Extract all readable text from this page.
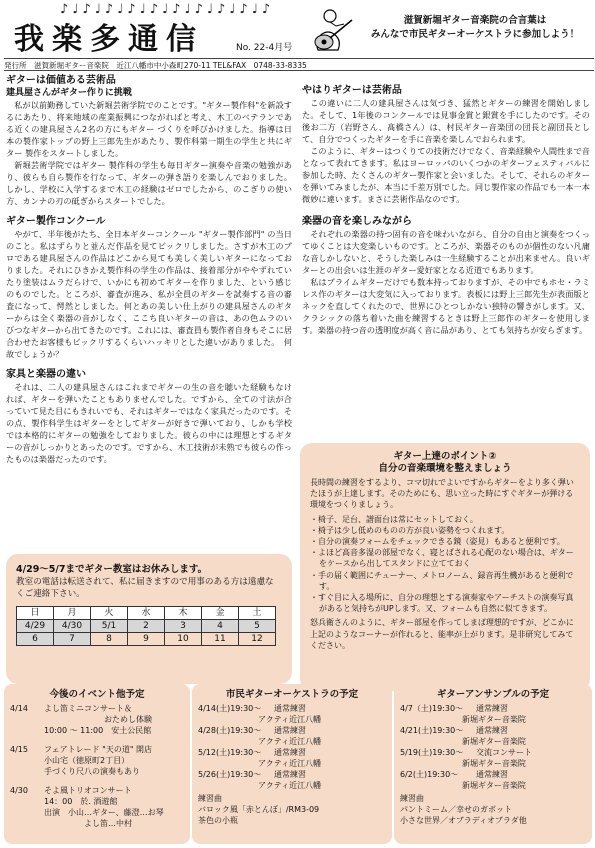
♪♩♪♩♪♩♪♩♪♩♪♩♪♩♪♩♪♩♪
我楽多通信	No. 22-4月号
滋賀新堀ギター音楽院の合言葉は
みんなで市民ギターオーケストラに参加しよう！
発行所　滋賀新堀ギター音楽院　近江八幡市中小森町270-11 TEL&FAX　0748-33-8335
ギターは価値ある芸術品
建具屋さんがギター作りに挑戦

私が以前勤務していた新堀芸術学院でのことです。"ギター製作科"を新設するにあたり、将来地域の産業振興につながればと考え、木工のベテランである近くの建具屋さん2名の方にもギター づくりを呼びかけました。指導は日本の製作家トップの野上三郎先生があたり、製作科第一期生の学生と共にギター 製作をスタートしました。

新堀芸術学院ではギター 製作科の学生も毎日ギター演奏や音楽の勉強があり、彼らも自ら製作を行なって、ギターの弾き語りを楽しんでおりました。しかし、学校に入学するまで木工の経験はゼロでしたから、のこぎりの使い方、カンナの刃の砥ぎからスタートでした。

ギター製作コンクール

やがて、半年後がたち、全日本ギターコンクール "ギター製作部門" の当日のこと。私はずらりと並んだ作品を見てビックリしました。さすが木工のプロである建具屋さんの作品はどこから見ても美しく美しいギターになっておりました。それにひきかえ製作科の学生の作品は、接着部分がややずれていたり塗装はムラだらけで、いかにも初めてギターを作りました、という感じのものでした。ところが、審査が進み、私が全員のギターを試奏する音の審査になって、愕然としました。何とあの美しい仕上がりの建具屋さんのギターからは全く楽器の音がしなく、ここち良いギターの音は、あの色ムラのいびつなギターから出てきたのです。これには、審査員も製作者自身もそこに居合わせたお客様もビックリするくらいハッキリとした違いがありました。　何故でしょうか？

家具と楽器の違い

それは、二人の建具屋さんはこれまでギターの生の音を聴いた経験もなければ、ギターを弾いたこともありませんでした。ですから、全ての寸法が合っていて見た目にもきれいでも、それはギターではなく家具だったのです。その点、製作科学生はギターをとしてギターが好きで弾いており、しかも学校では本格的にギターの勉強をしておりました。彼らの中には理想とするギターの音がしっかりとあったのです。ですから、木工技術が未熟でも彼らの作ったものは楽器だったのです。

やはりギターは芸術品

この違いに二人の建具屋さんは気づき、猛然とギターの練習を開始しました。そして、1年後のコンクールでは見事金賞と銀賞を手にしたのです。その後お二方（岩野さん、髙橋さん）は、村民ギター音楽団の団長と副団長として、自分でつくったギターを手に音楽を楽しんでおられます。

このように、ギターはつくりての技術だけでなく、音楽経験や人間性まで音となって表れてきます。私はヨーロッパのいくつかのギターフェスティバルに参加した時、たくさんのギター製作家と会いました。そして、それらのギターを弾いてみましたが、本当に千差万別でした。同じ製作家の作品でも一本一本微妙に違います。まさに芸術作品なのです。

楽器の音を楽しみながら

それぞれの楽器の持つ固有の音を味わいながら、自分の自由と演奏をつくってゆくことは大変楽しいものです。ところが、楽器そのものが個性のない凡庸な音しかしないと、そうした楽しみは一生経験することが出来ません。良いギターとの出会いは生涯のギター愛好家となる近道でもあります。

私はプライムギターだけでも数本持っておりますが、その中でもホセ・ラミレス作のギターは大変気に入っております。表板には野上三郎先生が表面版とネックを直してくれたので、世界にひとつしかない独特の響きがします。又、クラシックの落ち着いた曲を練習するときは野上三郎作のギターを使用します。楽器の持つ音の透明度が高く音に品があり、とても気持ちが安らぎます。

ギター上達のポイント②
自分の音楽環境を整えましょう

長時間の練習をするより、コマ切れでよいですからギターをより多く弾いたほうが上達します。そのためにも、思い立った時にすぐギターが弾ける環境をつくりましょう。

・椅子、足台、譜面台は常にセットしておく。
・椅子は少し低めのものの方が良い姿勢をつくれます。
・自分の演奏フォームをチェックできる鏡（姿見）もあると便利です。
・よほど高音多湿の部屋でなく、寝とばされる心配のない場合は、ギターをケースから出してスタンドに立てておく
・手の届く範囲にチューナー、メトロノーム、録音再生機があると便利です。
・すぐ目に入る場所に、自分の理想とする演奏家やアーチストの演奏写真があると気持ちがUPします。又、フォームも自然に似てきます。

怒兵衛さんのように、ギター部屋を作ってしまば理想的ですが、どこかに上記のようなコーナーが作れると、能率が上がります。是非研究してみてください。

4/29～5/7までギター教室はお休みします。
教室の電話は転送されて、私に届きますので用事のある方は遠慮なくご連絡下さい。
日	月	火	水	木	金	土
4/29	4/30	5/1	2	3	4	5
6	7	8	9	10	11	12
今後のイベント他予定
4/14	よし笛ミニコンサート＆
おためし体験
10:00 ～ 11:00　安土公民館
4/15	フェアトレード "天の道" 開店
小山宅（徳原町2丁目）
手づくり尺八の演奏もあり
4/30	そよ風トリオコンサート
14：00　於. 酒遊館
出演　小山…ギター、藤澄…お琴
よし笛…中村
市民ギターオーケストラの予定
4/14(土)19:30～	通常練習
アクティ近江八幡
4/28(土)19:30～	通常練習
アクティ近江八幡
5/12(土)19:30～	通常練習
アクティ近江八幡
5/26(土)19:30～	通常練習
アクティ近江八幡
練習曲
バロック風「赤とんぼ」/RM3-09
茶色の小瓶
ギターアンサンブルの予定
4/7（土)19:30～	通常練習
新堀ギター音楽院
4/21(土)19:30～	通常練習
新堀ギター音楽院
5/19(土)19:30～	交流コンサート
新堀ギター音楽院
6/2(土)19:30～	通常練習
新堀ギター音楽院
練習曲
パントミーム／幸せのガボット
小さな世界／オブラディオブラダ他
